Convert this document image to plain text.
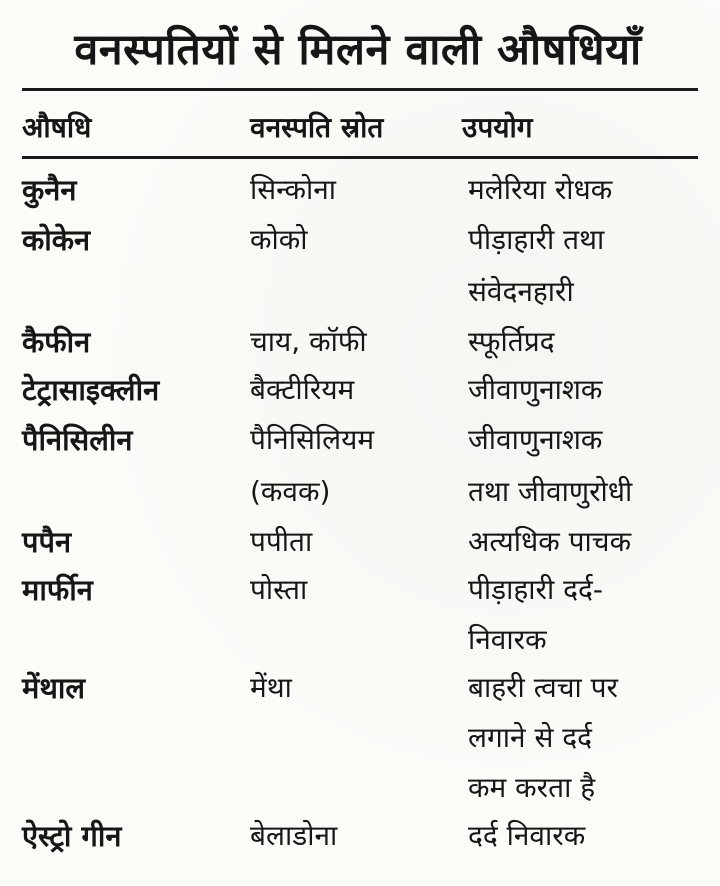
वनस्पतियों से मिलने वाली औषधियाँ
औषधि	वनस्पति स्रोत	उपयोग
कुनैन	सिन्कोना	मलेरिया रोधक
कोकेन	कोको	पीड़ाहारी तथा
संवेदनहारी
कैफीन	चाय, कॉफी	स्फूर्तिप्रद
टेट्रासाइक्लीन	बैक्टीरियम	जीवाणुनाशक
पैनिसिलीन	पैनिसिलियम	जीवाणुनाशक
(कवक)	तथा जीवाणुरोधी
पपैन	पपीता	अत्यधिक पाचक
मार्फीन	पोस्ता	पीड़ाहारी दर्द-
निवारक
मेंथाल	मेंथा	बाहरी त्वचा पर
लगाने से दर्द
कम करता है
ऐस्ट्रो गीन	बेलाडोना	दर्द निवारक
